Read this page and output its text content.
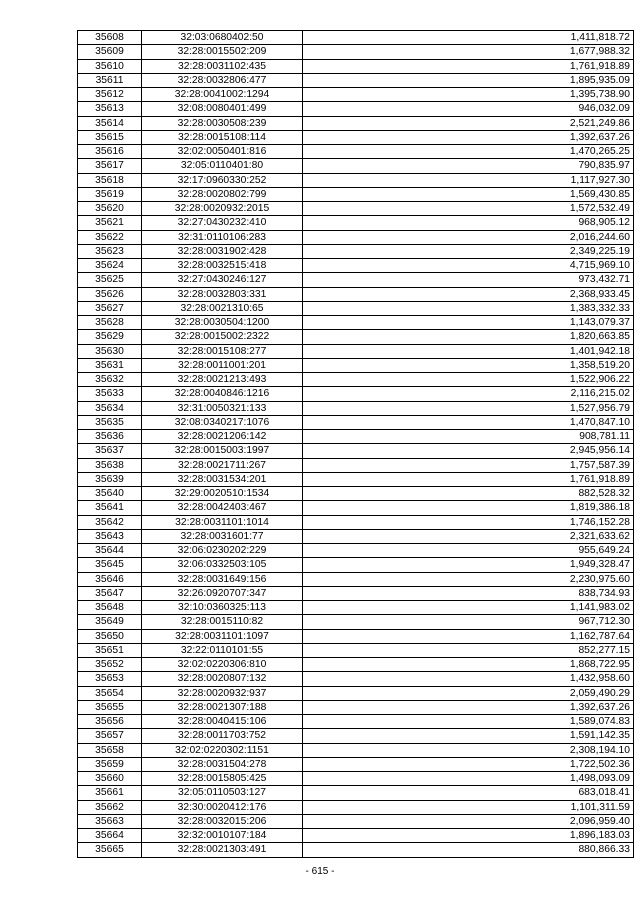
35608	32:03:0680402:50	1,411,818.72
35609	32:28:0015502:209	1,677,988.32
35610	32:28:0031102:435	1,761,918.89
35611	32:28:0032806:477	1,895,935.09
35612	32:28:0041002:1294	1,395,738.90
35613	32:08:0080401:499	946,032.09
35614	32:28:0030508:239	2,521,249.86
35615	32:28:0015108:114	1,392,637.26
35616	32:02:0050401:816	1,470,265.25
35617	32:05:0110401:80	790,835.97
35618	32:17:0960330:252	1,117,927.30
35619	32:28:0020802:799	1,569,430.85
35620	32:28:0020932:2015	1,572,532.49
35621	32:27:0430232:410	968,905.12
35622	32:31:0110106:283	2,016,244.60
35623	32:28:0031902:428	2,349,225.19
35624	32:28:0032515:418	4,715,969.10
35625	32:27:0430246:127	973,432.71
35626	32:28:0032803:331	2,368,933.45
35627	32:28:0021310:65	1,383,332.33
35628	32:28:0030504:1200	1,143,079.37
35629	32:28:0015002:2322	1,820,663.85
35630	32:28:0015108:277	1,401,942.18
35631	32:28:0011001:201	1,358,519.20
35632	32:28:0021213:493	1,522,906.22
35633	32:28:0040846:1216	2,116,215.02
35634	32:31:0050321:133	1,527,956.79
35635	32:08:0340217:1076	1,470,847.10
35636	32:28:0021206:142	908,781.11
35637	32:28:0015003:1997	2,945,956.14
35638	32:28:0021711:267	1,757,587.39
35639	32:28:0031534:201	1,761,918.89
35640	32:29:0020510:1534	882,528.32
35641	32:28:0042403:467	1,819,386.18
35642	32:28:0031101:1014	1,746,152.28
35643	32:28:0031601:77	2,321,633.62
35644	32:06:0230202:229	955,649.24
35645	32:06:0332503:105	1,949,328.47
35646	32:28:0031649:156	2,230,975.60
35647	32:26:0920707:347	838,734.93
35648	32:10:0360325:113	1,141,983.02
35649	32:28:0015110:82	967,712.30
35650	32:28:0031101:1097	1,162,787.64
35651	32:22:0110101:55	852,277.15
35652	32:02:0220306:810	1,868,722.95
35653	32:28:0020807:132	1,432,958.60
35654	32:28:0020932:937	2,059,490.29
35655	32:28:0021307:188	1,392,637.26
35656	32:28:0040415:106	1,589,074.83
35657	32:28:0011703:752	1,591,142.35
35658	32:02:0220302:1151	2,308,194.10
35659	32:28:0031504:278	1,722,502.36
35660	32:28:0015805:425	1,498,093.09
35661	32:05:0110503:127	683,018.41
35662	32:30:0020412:176	1,101,311.59
35663	32:28:0032015:206	2,096,959.40
35664	32:32:0010107:184	1,896,183.03
35665	32:28:0021303:491	880,866.33
- 615 -
